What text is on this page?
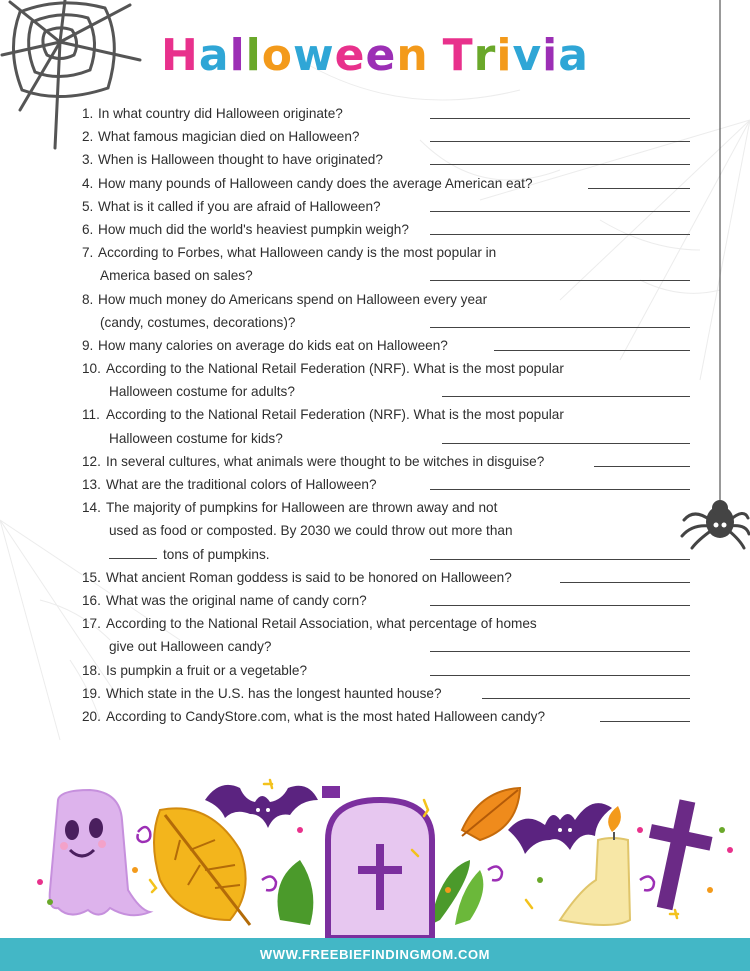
Halloween Trivia
1. In what country did Halloween originate?
2. What famous magician died on Halloween?
3. When is Halloween thought to have originated?
4. How many pounds of Halloween candy does the average American eat?
5. What is it called if you are afraid of Halloween?
6. How much did the world's heaviest pumpkin weigh?
7. According to Forbes, what Halloween candy is the most popular in
America based on sales?
8. How much money do Americans spend on Halloween every year
(candy, costumes, decorations)?
9. How many calories on average do kids eat on Halloween?
10. According to the National Retail Federation (NRF). What is the most popular
Halloween costume for adults?
11. According to the National Retail Federation (NRF). What is the most popular
Halloween costume for kids?
12. In several cultures, what animals were thought to be witches in disguise?
13. What are the traditional colors of Halloween?
14. The majority of pumpkins for Halloween are thrown away and not
used as food or composted. By 2030 we could throw out more than
tons of pumpkins.
15. What ancient Roman goddess is said to be honored on Halloween?
16. What was the original name of candy corn?
17. According to the National Retail Association, what percentage of homes
give out Halloween candy?
18. Is pumpkin a fruit or a vegetable?
19. Which state in the U.S. has the longest haunted house?
20. According to CandyStore.com, what is the most hated Halloween candy?
WWW.FREEBIEFINDINGMOM.COM
